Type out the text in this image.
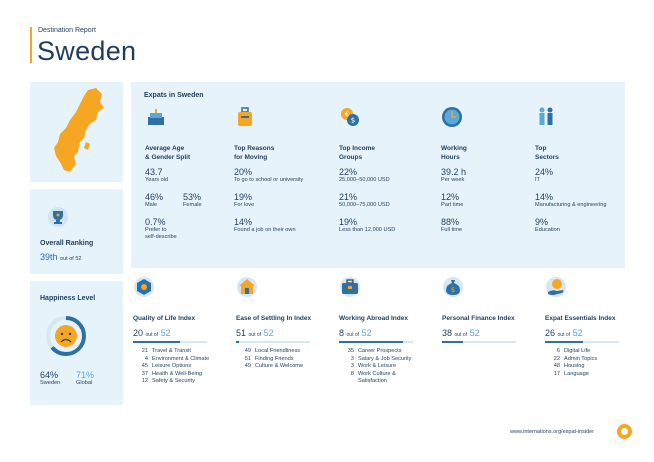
Destination Report
Sweden
Overall Ranking
39th out of 52
Happiness Level
64%
Sweden
71%
Global
Expats in Sweden
Average Age
& Gender Split
43.7
Years old
46%
Male
53%
Female
0.7%
Prefer to
self-describe
Top Reasons
for Moving
20%
To go to school or university
19%
For love
14%
Found a job on their own
€
$
Top Income
Groups
22%
25,000–50,000 USD
21%
50,000–75,000 USD
19%
Less than 12,000 USD
Working
Hours
39.2 h
Per week
12%
Part time
88%
Full time
Top
Sectors
24%
IT
14%
Manufacturing & engineering
9%
Education
Quality of Life Index
20 out of 52
21 Travel & Transit
4 Environment & Climate
45 Leisure Options
37 Health & Well-Being
12 Safety & Security
Ease of Settling In Index
51 out of 52
49 Local Friendliness
51 Finding Friends
49 Culture & Welcome
Working Abroad Index
8 out of 52
35 Career Prospects
3 Salary & Job Security
3 Work & Leisure
8 Work Culture &
Satisfaction
$
Personal Finance Index
38 out of 52
Expat Essentials Index
26 out of 52
6 Digital Life
22 Admin Topics
48 Housing
17 Language
www.internations.org/expat-insider
